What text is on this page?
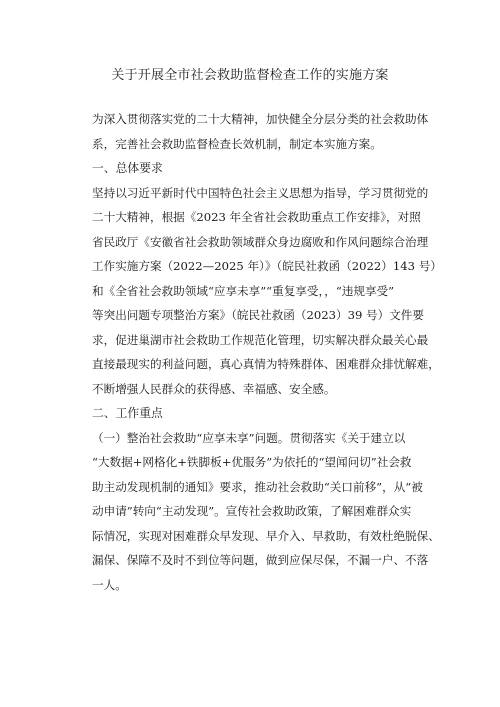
关于开展全市社会救助监督检查工作的实施方案
为深入贯彻落实党的二十大精神，加快健全分层分类的社会救助体
系，完善社会救助监督检查长效机制，制定本实施方案。
一、总体要求
坚持以习近平新时代中国特色社会主义思想为指导，学习贯彻党的
二十大精神，根据《2023 年全省社会救助重点工作安排》，对照
省民政厅《安徽省社会救助领域群众身边腐败和作风问题综合治理
工作实施方案（2022—2025 年）》（皖民社救函（2022）143 号）
和《全省社会救助领域“应享未享”“重复享受，，“违规享受”
等突出问题专项整治方案》（皖民社救函（2023）39 号）文件要
求，促进巢湖市社会救助工作规范化管理，切实解决群众最关心最
直接最现实的利益问题，真心真情为特殊群体、困难群众排忧解难，
不断增强人民群众的获得感、幸福感、安全感。
二、工作重点
（一）整治社会救助“应享未享”问题。贯彻落实《关于建立以
“大数据+网格化+铁脚板+优服务”为依托的“望闻问切”社会救
助主动发现机制的通知》要求，推动社会救助“关口前移”，从“被
动申请”转向“主动发现”。宣传社会救助政策，了解困难群众实
际情况，实现对困难群众早发现、早介入、早救助，有效杜绝脱保、
漏保、保障不及时不到位等问题，做到应保尽保，不漏一户、不落
一人。
